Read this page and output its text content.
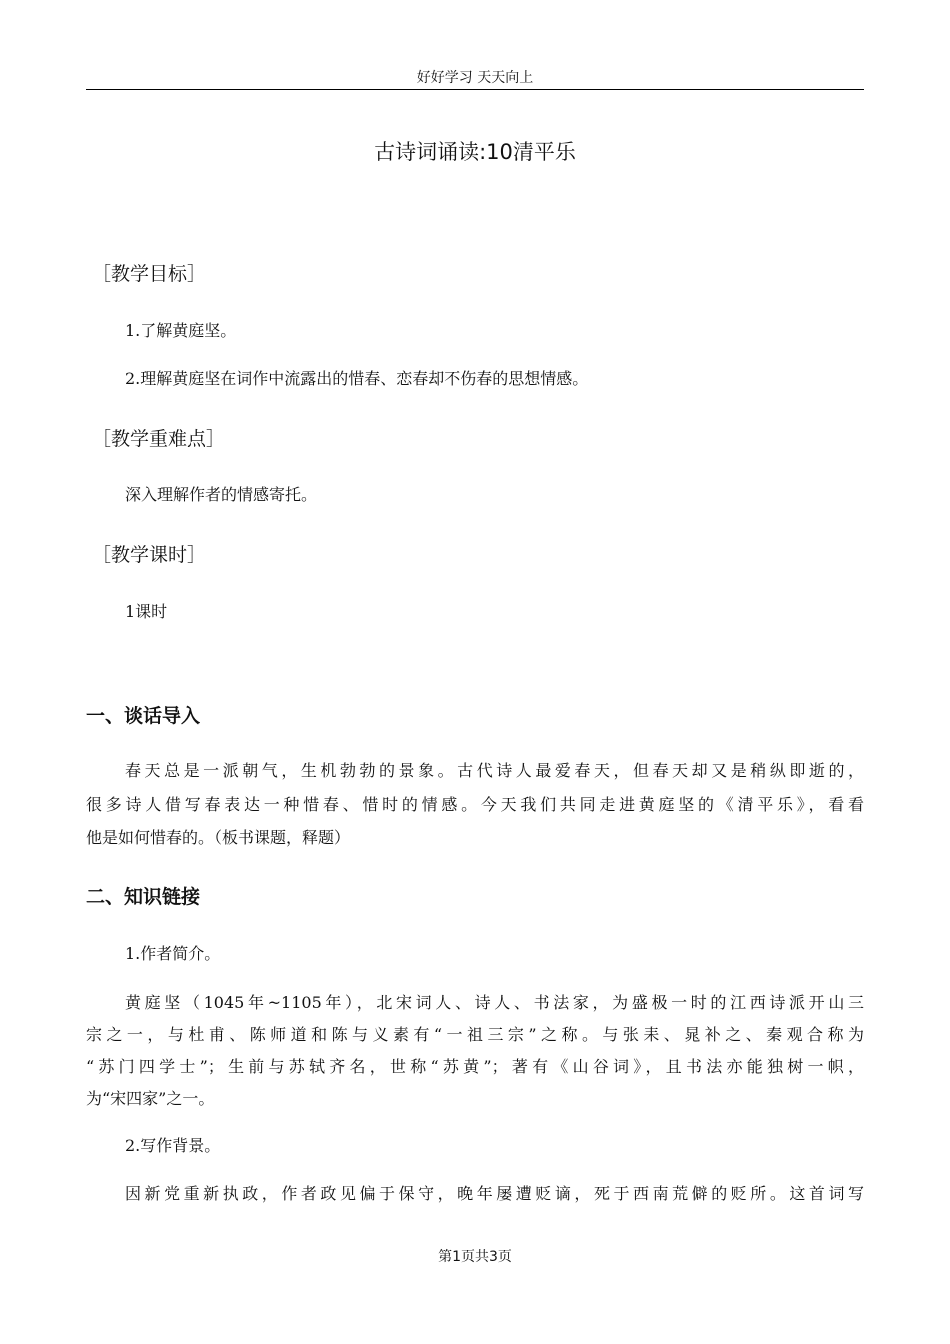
好好学习 天天向上
古诗词诵读:10清平乐
［教学目标］
1.了解黄庭坚。
2.理解黄庭坚在词作中流露出的惜春、恋春却不伤春的思想情感。
［教学重难点］
深入理解作者的情感寄托。
［教学课时］
1课时
一、谈话导入
春天总是一派朝气，生机勃勃的景象。古代诗人最爱春天，但春天却又是稍纵即逝的，
很多诗人借写春表达一种惜春、惜时的情感。今天我们共同走进黄庭坚的《清平乐》，看看
他是如何惜春的。（板书课题，释题）
二、知识链接
1.作者简介。
黄庭坚（1045年~1105年），北宋词人、诗人、书法家，为盛极一时的江西诗派开山三
宗之一，与杜甫、陈师道和陈与义素有“一祖三宗”之称。与张耒、晁补之、秦观合称为
“苏门四学士”；生前与苏轼齐名，世称“苏黄”；著有《山谷词》，且书法亦能独树一帜，
为“宋四家”之一。
2.写作背景。
因新党重新执政，作者政见偏于保守，晚年屡遭贬谪，死于西南荒僻的贬所。这首词写
第1页共3页
